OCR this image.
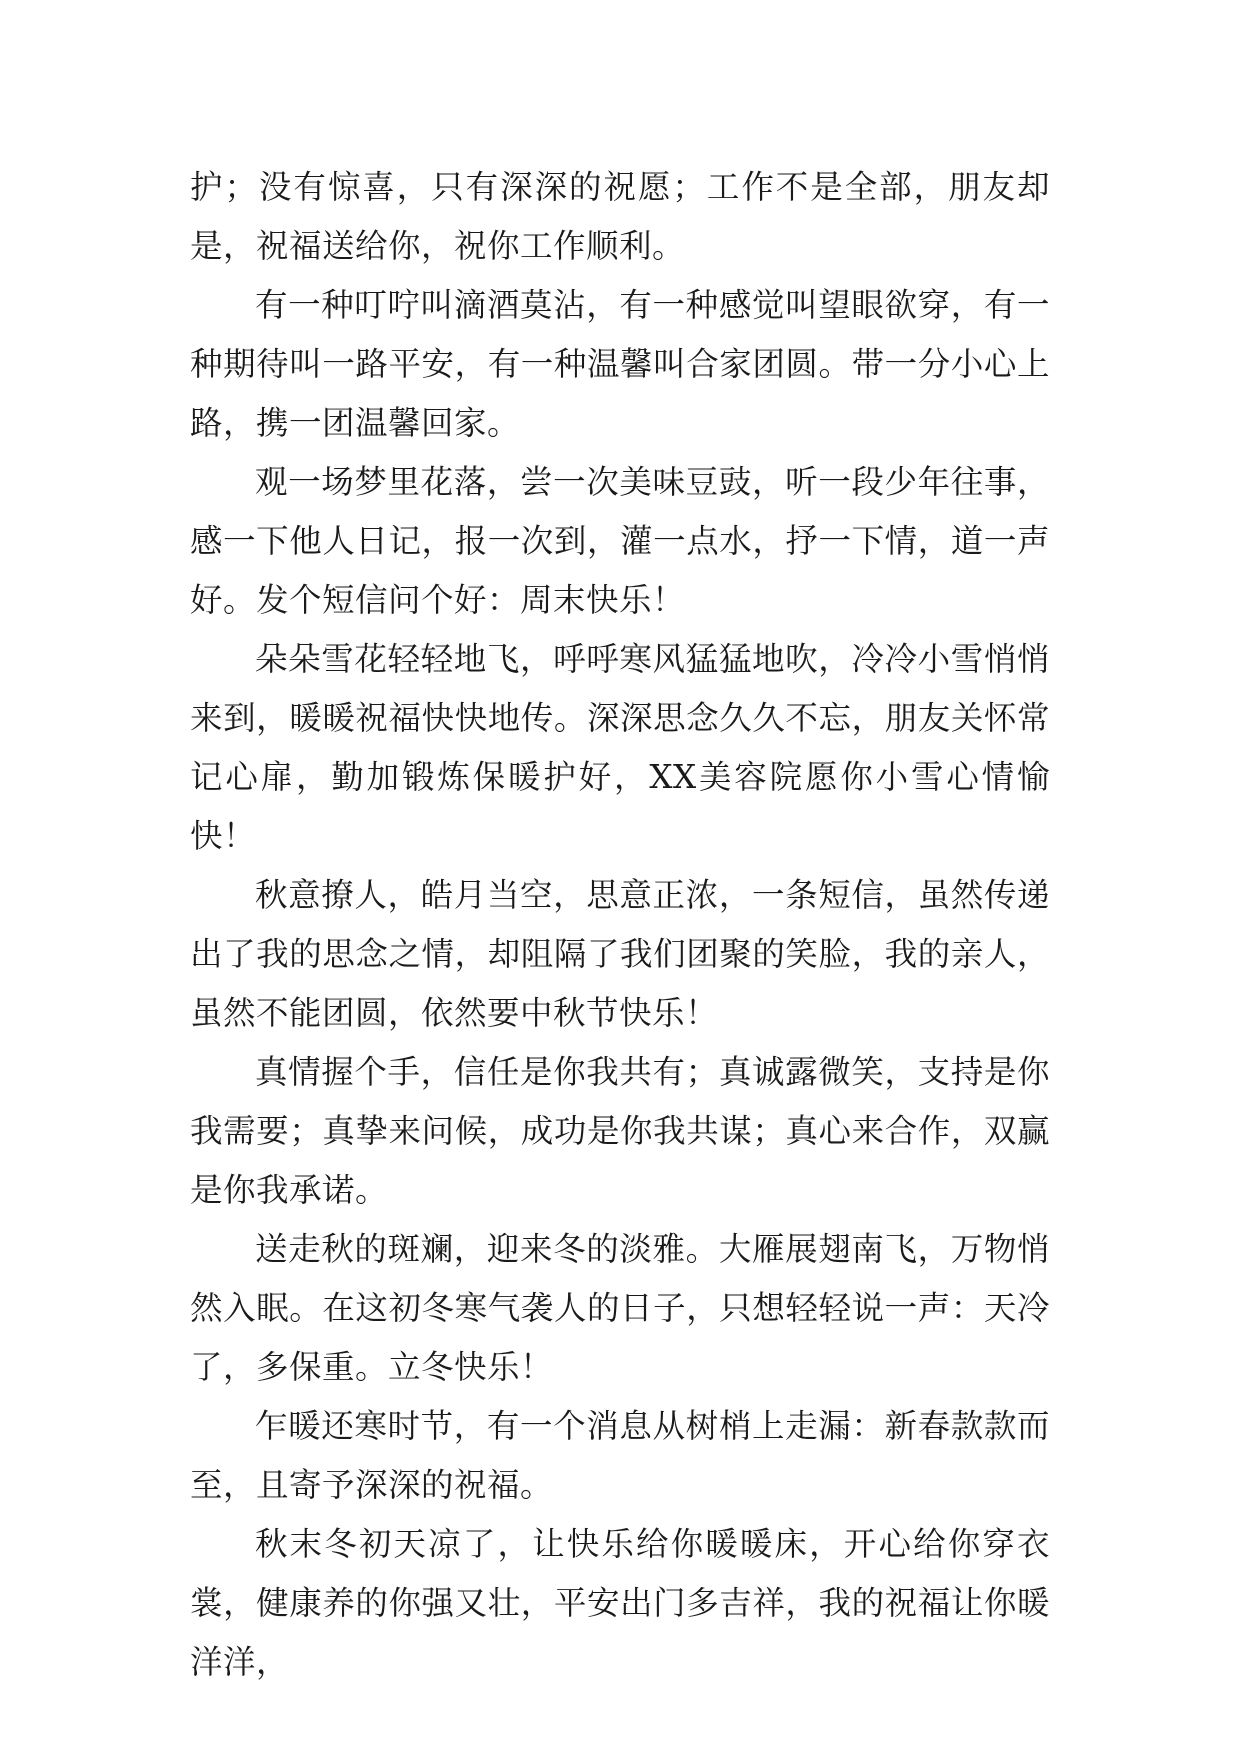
护；没有惊喜，只有深深的祝愿；工作不是全部，朋友却是，祝福送给你，祝你工作顺利。

有一种叮咛叫滴酒莫沾，有一种感觉叫望眼欲穿，有一种期待叫一路平安，有一种温馨叫合家团圆。带一分小心上路，携一团温馨回家。

观一场梦里花落，尝一次美味豆豉，听一段少年往事，感一下他人日记，报一次到，灌一点水，抒一下情，道一声好。发个短信问个好：周末快乐！

朵朵雪花轻轻地飞，呼呼寒风猛猛地吹，冷冷小雪悄悄来到，暖暖祝福快快地传。深深思念久久不忘，朋友关怀常记心扉，勤加锻炼保暖护好，XX美容院愿你小雪心情愉快！

秋意撩人，皓月当空，思意正浓，一条短信，虽然传递出了我的思念之情，却阻隔了我们团聚的笑脸，我的亲人，虽然不能团圆，依然要中秋节快乐！

真情握个手，信任是你我共有；真诚露微笑，支持是你我需要；真挚来问候，成功是你我共谋；真心来合作，双赢是你我承诺。

送走秋的斑斓，迎来冬的淡雅。大雁展翅南飞，万物悄然入眠。在这初冬寒气袭人的日子，只想轻轻说一声：天冷了，多保重。立冬快乐！

乍暖还寒时节，有一个消息从树梢上走漏：新春款款而至，且寄予深深的祝福。

秋末冬初天凉了，让快乐给你暖暖床，开心给你穿衣裳，健康养的你强又壮，平安出门多吉祥，我的祝福让你暖洋洋，
